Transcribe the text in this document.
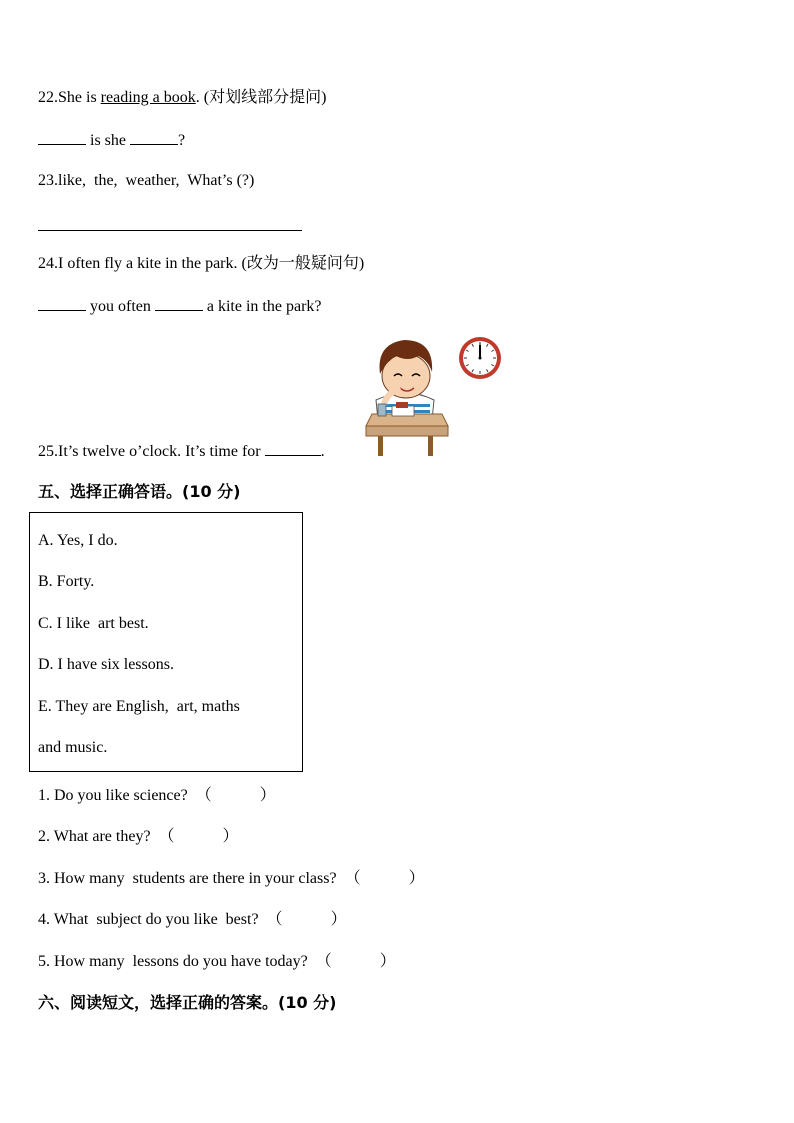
22.She is reading a book. (对划线部分提问)
is she	?
23.like,  the,  weather,  What’s (?)
24.I often fly a kite in the park. (改为一般疑问句)
you often	a kite in the park?
25.It’s twelve o’clock. It’s time for	.
五、选择正确答语。(10 分)
A. Yes, I do.
B. Forty.
C. I like  art best.
D. I have six lessons.
E. They are English,  art, maths
and music.
1. Do you like science?  （	）
2. What are they?  （	）
3. How many  students are there in your class?  （	）
4. What  subject do you like  best?  （	）
5. How many  lessons do you have today?  （	）
六、阅读短文，选择正确的答案。(10 分)
